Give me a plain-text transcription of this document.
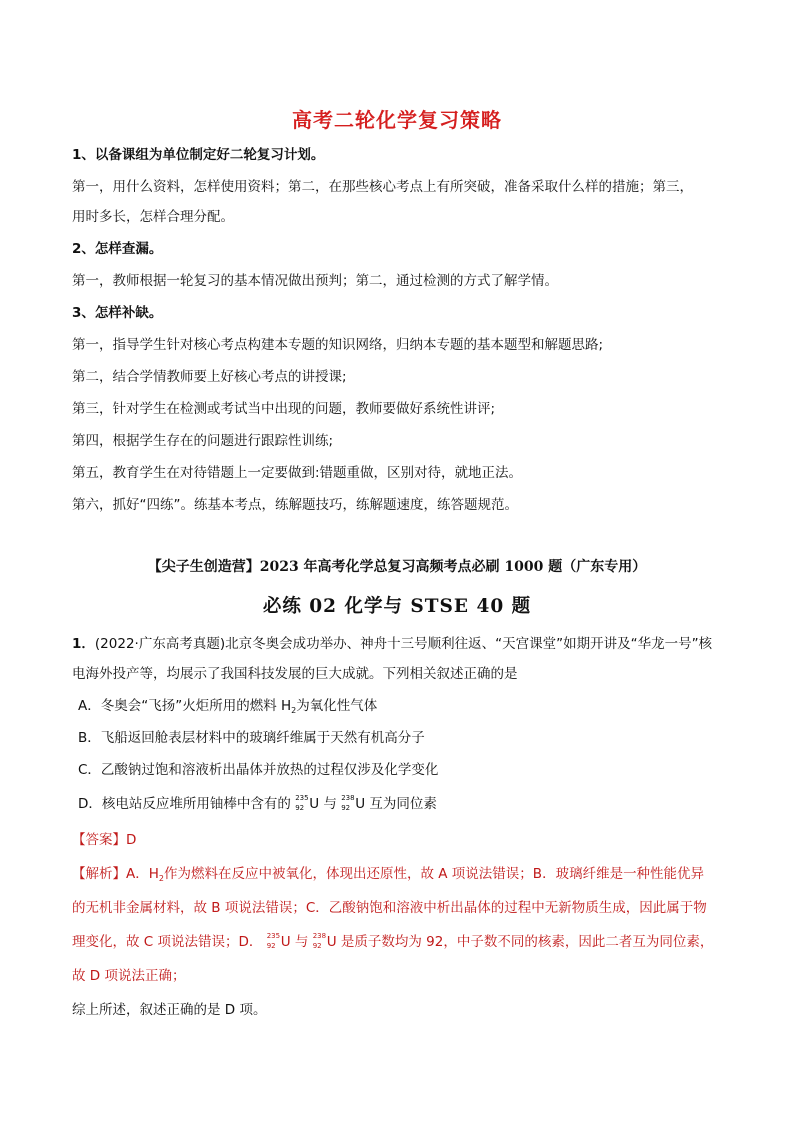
高考二轮化学复习策略
1、以备课组为单位制定好二轮复习计划。
第一，用什么资料，怎样使用资料；第二，在那些核心考点上有所突破，准备采取什么样的措施；第三，
用时多长，怎样合理分配。
2、怎样查漏。
第一，教师根据一轮复习的基本情况做出预判；第二，通过检测的方式了解学情。
3、怎样补缺。
第一，指导学生针对核心考点构建本专题的知识网络，归纳本专题的基本题型和解题思路;
第二，结合学情教师要上好核心考点的讲授课;
第三，针对学生在检测或考试当中出现的问题，教师要做好系统性讲评;
第四，根据学生存在的问题进行跟踪性训练;
第五，教育学生在对待错题上一定要做到:错题重做，区别对待，就地正法。
第六，抓好“四练”。练基本考点，练解题技巧，练解题速度，练答题规范。
【尖子生创造营】2023 年高考化学总复习高频考点必刷 1000 题（广东专用）
必练 02 化学与 STSE 40 题
1．(2022·广东高考真题)北京冬奥会成功举办、神舟十三号顺利往返、“天宫课堂”如期开讲及“华龙一号”核
电海外投产等，均展示了我国科技发展的巨大成就。下列相关叙述正确的是
A．冬奥会“飞扬”火炬所用的燃料 $H_2$为氧化性气体
B．飞船返回舱表层材料中的玻璃纤维属于天然有机高分子
C．乙酸钠过饱和溶液析出晶体并放热的过程仅涉及化学变化
D．核电站反应堆所用铀棒中含有的 235
92 U 与 238
92 U 互为同位素
【答案】D
【解析】A．$H_2$作为燃料在反应中被氧化，体现出还原性，故 A 项说法错误；B．玻璃纤维是一种性能优异
的无机非金属材料，故 B 项说法错误；C．乙酸钠饱和溶液中析出晶体的过程中无新物质生成，因此属于物
理变化，故 C 项说法错误；D． 235
92 U 与 238
92 U 是质子数均为 92，中子数不同的核素，因此二者互为同位素，
故 D 项说法正确；
综上所述，叙述正确的是 D 项。
